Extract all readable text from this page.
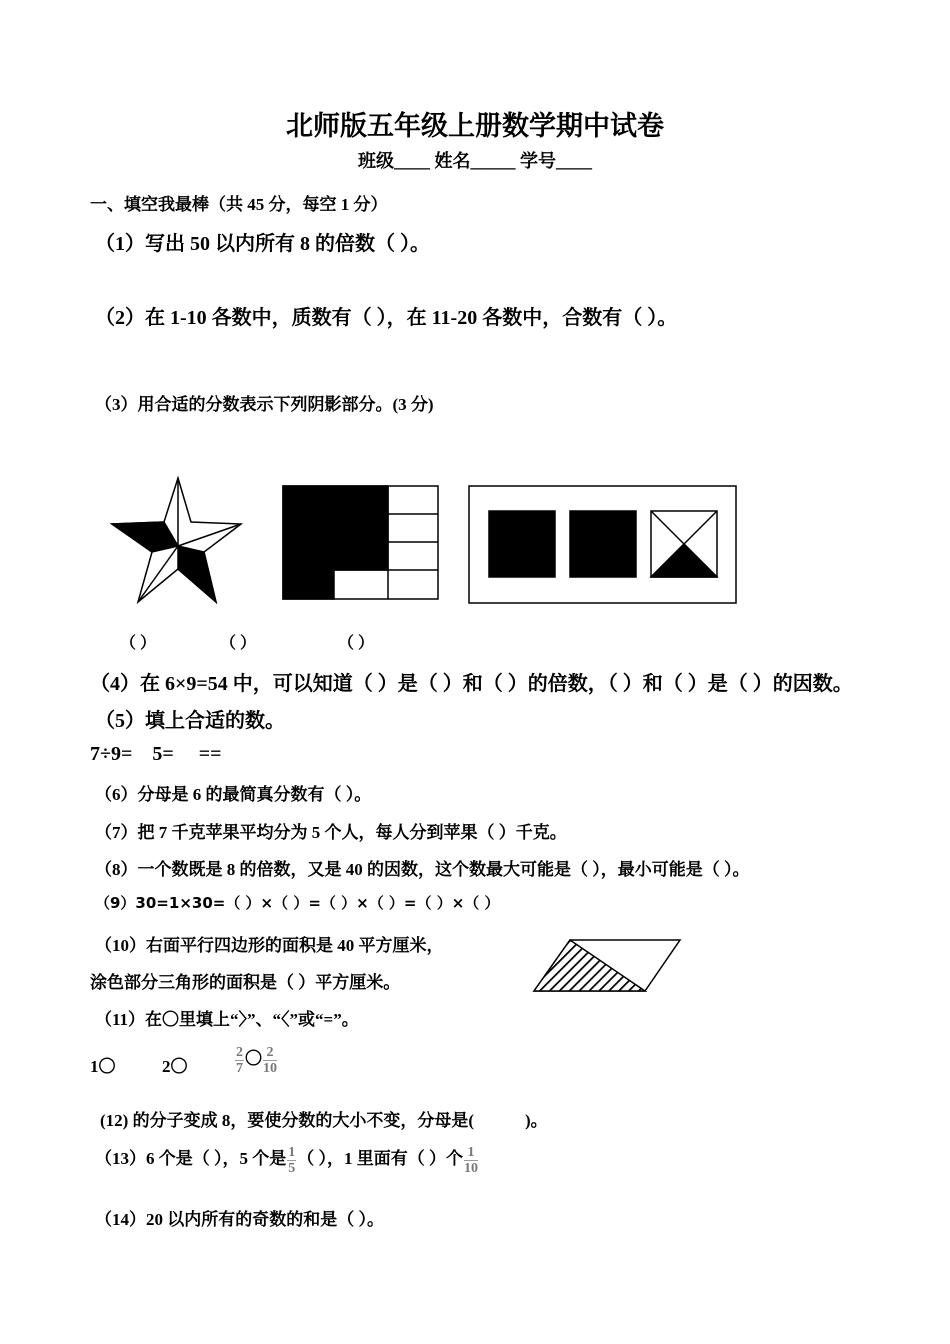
北师版五年级上册数学期中试卷
班级____ 姓名_____ 学号____
一、填空我最棒（共 45 分，每空 1 分）
（1）写出 50 以内所有 8 的倍数（ ）。
（2）在 1-10 各数中，质数有（ ），在 11-20 各数中，合数有（ ）。
（3）用合适的分数表示下列阴影部分。(3 分)
（ ）	（ ）	（ ）
（4）在 6×9=54 中，可以知道（ ）是（ ）和（ ）的倍数，（ ）和（ ）是（ ）的因数。
（5）填上合适的数。
7÷9=    5=     ==
（6）分母是 6 的最简真分数有（ ）。
（7）把 7 千克苹果平均分为 5 个人，每人分到苹果（ ）千克。
（8）一个数既是 8 的倍数，又是 40 的因数，这个数最大可能是（ ），最小可能是（ ）。
（9）30=1×30=（ ）×（ ）=（ ）×（ ）=（ ）×（ ）
（10）右面平行四边形的面积是 40 平方厘米，
涂色部分三角形的面积是（ ）平方厘米。
（11）在〇里填上“〉”、“〈”或“=”。
1〇	2〇	$\frac{2}{7}$ 〇 $\frac{2}{10}$
(12) 的分子变成 8，要使分数的大小不变，分母是(            )。
（13）6 个是（ ），5 个是 $\frac{1}{5}$ （ ），1 里面有（ ）个 $\frac{1}{10}$
（14）20 以内所有的奇数的和是（ ）。
